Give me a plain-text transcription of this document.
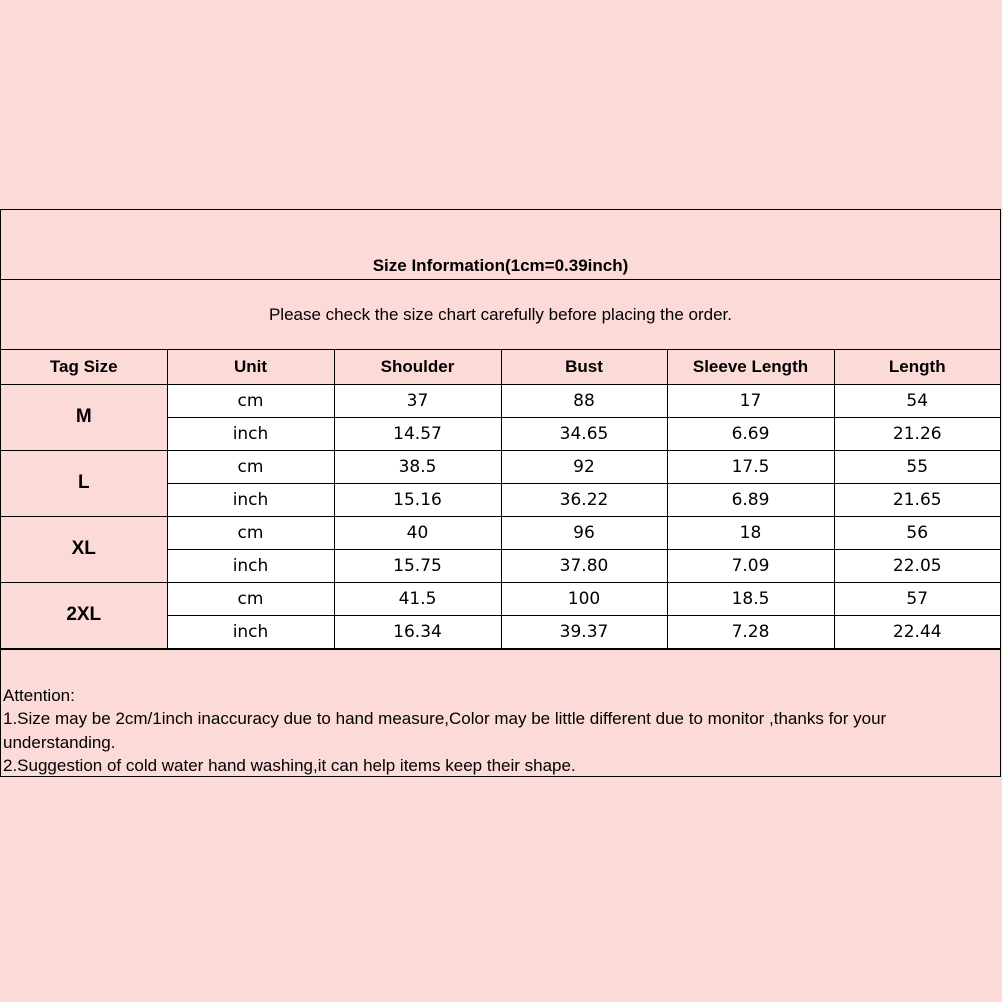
Size Information(1cm=0.39inch)
Please check the size chart carefully before placing the order.
Tag Size	Unit	Shoulder	Bust	Sleeve Length	Length
M	cm	37	88	17	54
	inch	14.57	34.65	6.69	21.26
L	cm	38.5	92	17.5	55
	inch	15.16	36.22	6.89	21.65
XL	cm	40	96	18	56
	inch	15.75	37.80	7.09	22.05
2XL	cm	41.5	100	18.5	57
	inch	16.34	39.37	7.28	22.44
Attention:
1.Size may be 2cm/1inch inaccuracy due to hand measure,Color may be little different due to monitor ,thanks for your understanding.
2.Suggestion of cold water hand washing,it can help items keep their shape.
